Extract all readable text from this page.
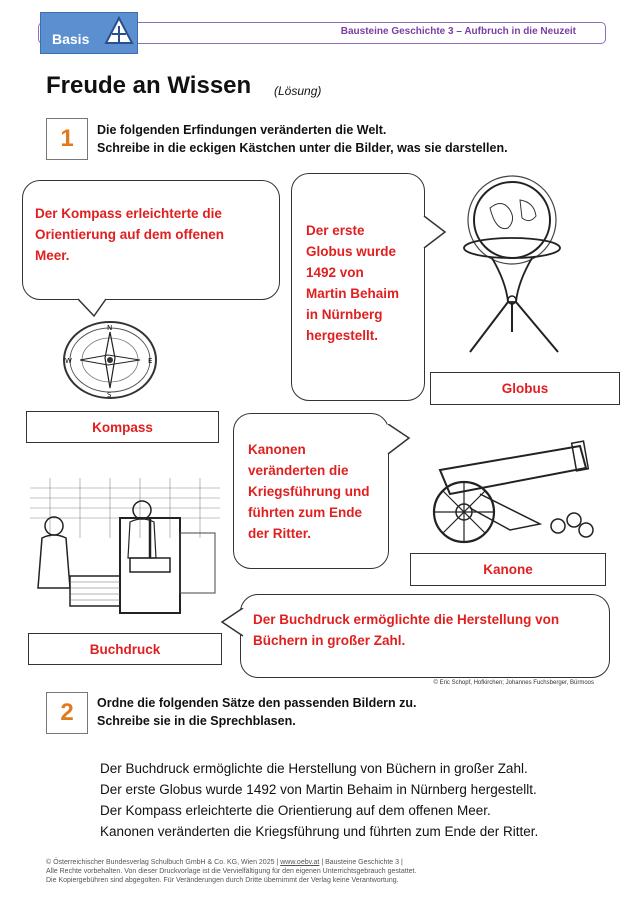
Basis	Bausteine Geschichte 3 – Aufbruch in die Neuzeit
Freude an Wissen (Lösung)
1	Die folgenden Erfindungen veränderten die Welt.
Schreibe in die eckigen Kästchen unter die Bilder, was sie darstellen.
Der Kompass erleichterte die
Orientierung auf dem offenen
Meer.
N
S
W	E
Kompass
Der erste
Globus wurde
1492 von
Martin Behaim
in Nürnberg
hergestellt.
Globus
Kanonen
veränderten die
Kriegsführung und
führten zum Ende
der Ritter.
Kanone
Buchdruck
Der Buchdruck ermöglichte die Herstellung von
Büchern in großer Zahl.
© Eric Schopf, Hofkirchen; Johannes Fuchsberger, Bürmoos
2	Ordne die folgenden Sätze den passenden Bildern zu.
Schreibe sie in die Sprechblasen.
Der Buchdruck ermöglichte die Herstellung von Büchern in großer Zahl.
Der erste Globus wurde 1492 von Martin Behaim in Nürnberg hergestellt.
Der Kompass erleichterte die Orientierung auf dem offenen Meer.
Kanonen veränderten die Kriegsführung und führten zum Ende der Ritter.
© Österreichischer Bundesverlag Schulbuch GmbH & Co. KG, Wien 2025 | www.oebv.at | Bausteine Geschichte 3 |
Alle Rechte vorbehalten. Von dieser Druckvorlage ist die Vervielfältigung für den eigenen Unterrichtsgebrauch gestattet.
Die Kopiergebühren sind abgegolten. Für Veränderungen durch Dritte übernimmt der Verlag keine Verantwortung.
